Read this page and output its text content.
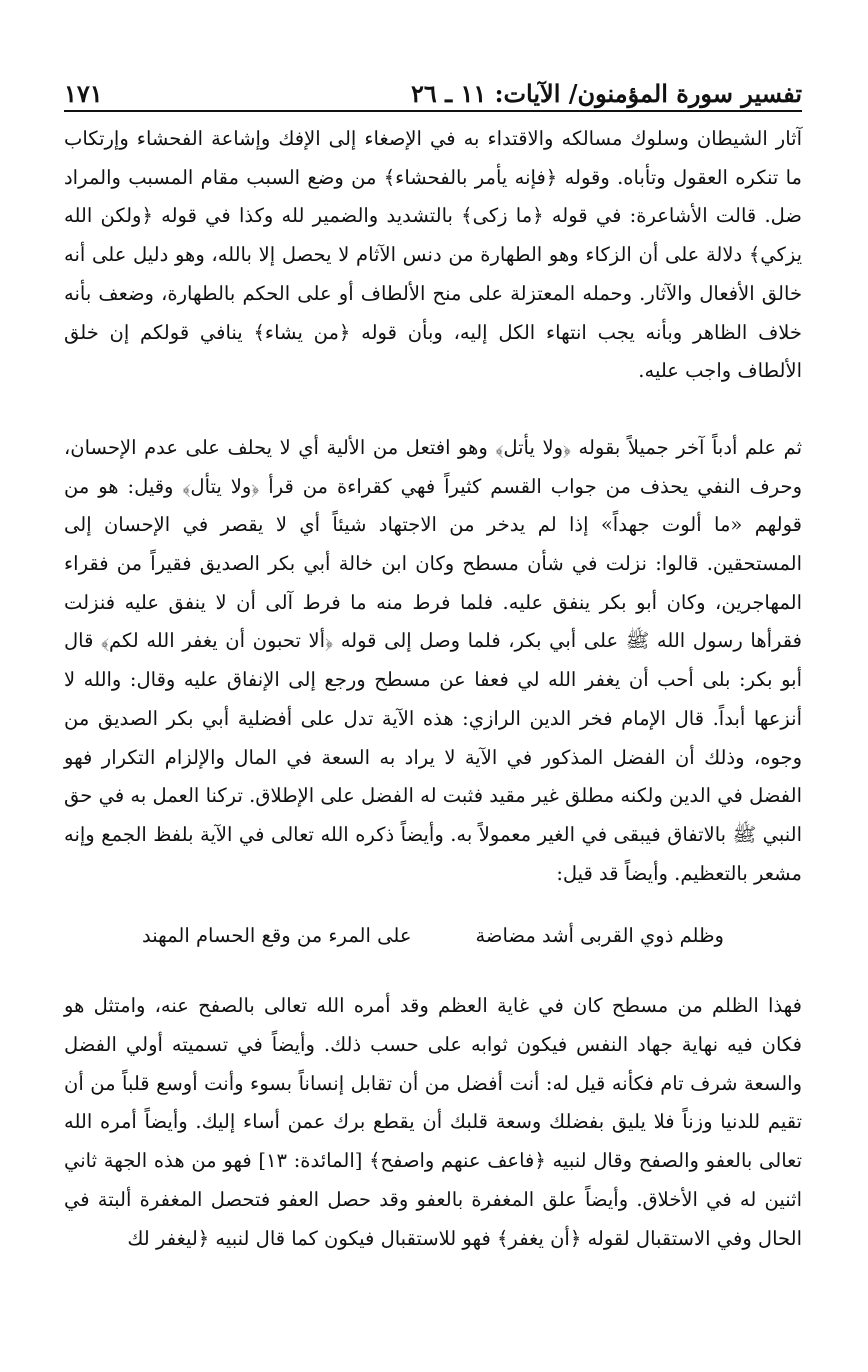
تفسير سورة المؤمنون/ الآيات: ١١ ـ ٢٦
١٧١

آثار الشيطان وسلوك مسالكه والاقتداء به في الإصغاء إلى الإفك وإشاعة الفحشاء وإرتكاب ما تنكره العقول وتأباه. وقوله ﴿فإنه يأمر بالفحشاء﴾ من وضع السبب مقام المسبب والمراد ضل. قالت الأشاعرة: في قوله ﴿ما زكى﴾ بالتشديد والضمير لله وكذا في قوله ﴿ولكن الله يزكي﴾ دلالة على أن الزكاء وهو الطهارة من دنس الآثام لا يحصل إلا بالله، وهو دليل على أنه خالق الأفعال والآثار. وحمله المعتزلة على منح الألطاف أو على الحكم بالطهارة، وضعف بأنه خلاف الظاهر وبأنه يجب انتهاء الكل إليه، وبأن قوله ﴿من يشاء﴾ ينافي قولكم إن خلق الألطاف واجب عليه.

ثم علم أدباً آخر جميلاً بقوله ﴿ولا يأتل﴾ وهو افتعل من الألية أي لا يحلف على عدم الإحسان، وحرف النفي يحذف من جواب القسم كثيراً فهي كقراءة من قرأ ﴿ولا يتأل﴾ وقيل: هو من قولهم «ما ألوت جهداً» إذا لم يدخر من الاجتهاد شيئاً أي لا يقصر في الإحسان إلى المستحقين. قالوا: نزلت في شأن مسطح وكان ابن خالة أبي بكر الصديق فقيراً من فقراء المهاجرين، وكان أبو بكر ينفق عليه. فلما فرط منه ما فرط آلى أن لا ينفق عليه فنزلت فقرأها رسول الله ﷺ على أبي بكر، فلما وصل إلى قوله ﴿ألا تحبون أن يغفر الله لكم﴾ قال أبو بكر: بلى أحب أن يغفر الله لي فعفا عن مسطح ورجع إلى الإنفاق عليه وقال: والله لا أنزعها أبداً. قال الإمام فخر الدين الرازي: هذه الآية تدل على أفضلية أبي بكر الصديق من وجوه، وذلك أن الفضل المذكور في الآية لا يراد به السعة في المال والإلزام التكرار فهو الفضل في الدين ولكنه مطلق غير مقيد فثبت له الفضل على الإطلاق. تركنا العمل به في حق النبي ﷺ بالاتفاق فيبقى في الغير معمولاً به. وأيضاً ذكره الله تعالى في الآية بلفظ الجمع وإنه مشعر بالتعظيم. وأيضاً قد قيل:

وظلم ذوي القربى أشد مضاضة
على المرء من وقع الحسام المهند

فهذا الظلم من مسطح كان في غاية العظم وقد أمره الله تعالى بالصفح عنه، وامتثل هو فكان فيه نهاية جهاد النفس فيكون ثوابه على حسب ذلك. وأيضاً في تسميته أولي الفضل والسعة شرف تام فكأنه قيل له: أنت أفضل من أن تقابل إنساناً بسوء وأنت أوسع قلباً من أن تقيم للدنيا وزناً فلا يليق بفضلك وسعة قلبك أن يقطع برك عمن أساء إليك. وأيضاً أمره الله تعالى بالعفو والصفح وقال لنبيه ﴿فاعف عنهم واصفح﴾ [المائدة: ١٣] فهو من هذه الجهة ثاني اثنين له في الأخلاق. وأيضاً علق المغفرة بالعفو وقد حصل العفو فتحصل المغفرة ألبتة في الحال وفي الاستقبال لقوله ﴿أن يغفر﴾ فهو للاستقبال فيكون كما قال لنبيه ﴿ليغفر لك
